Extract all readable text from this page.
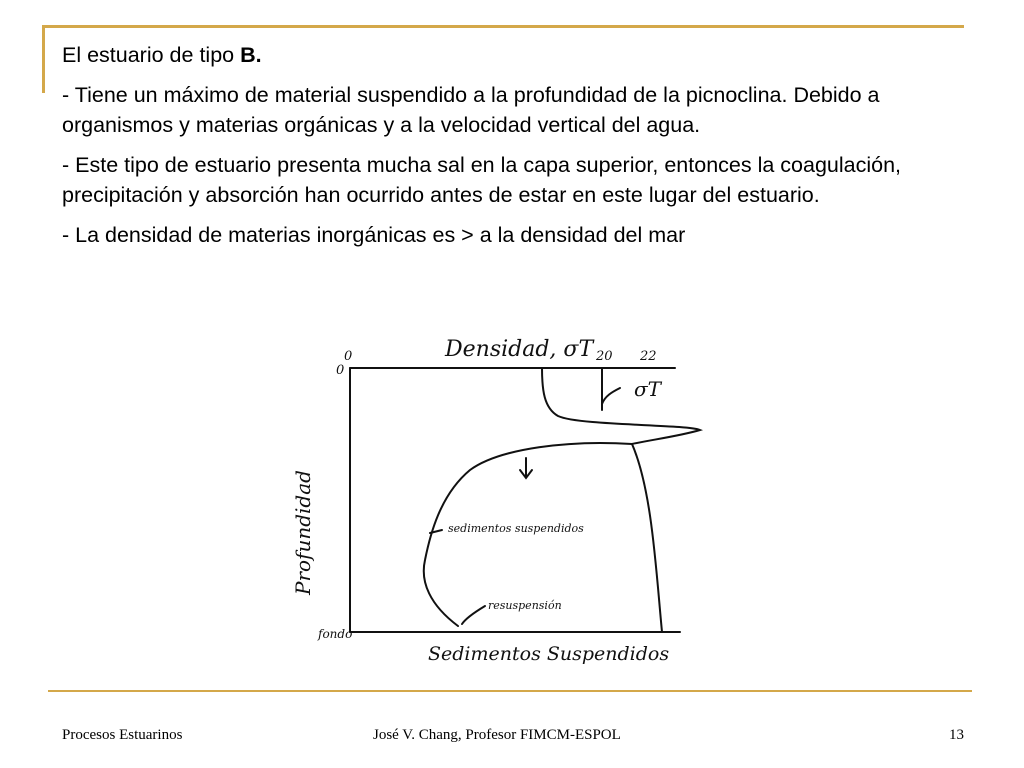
El estuario de tipo B.

- Tiene un máximo de material suspendido a la profundidad de la picnoclina. Debido a organismos y materias orgánicas y a la velocidad vertical del agua.

- Este tipo de estuario presenta mucha sal en la capa superior, entonces la coagulación, precipitación y absorción han ocurrido antes de estar en este lugar del estuario.

- La densidad de materias inorgánicas es > a la densidad del mar

Densidad, σT
0	20 22
0
Profundidad
fondo
σT
sedimentos suspendidos
resuspensión
Sedimentos Suspendidos
Procesos Estuarinos	José V. Chang, Profesor FIMCM-ESPOL	13
